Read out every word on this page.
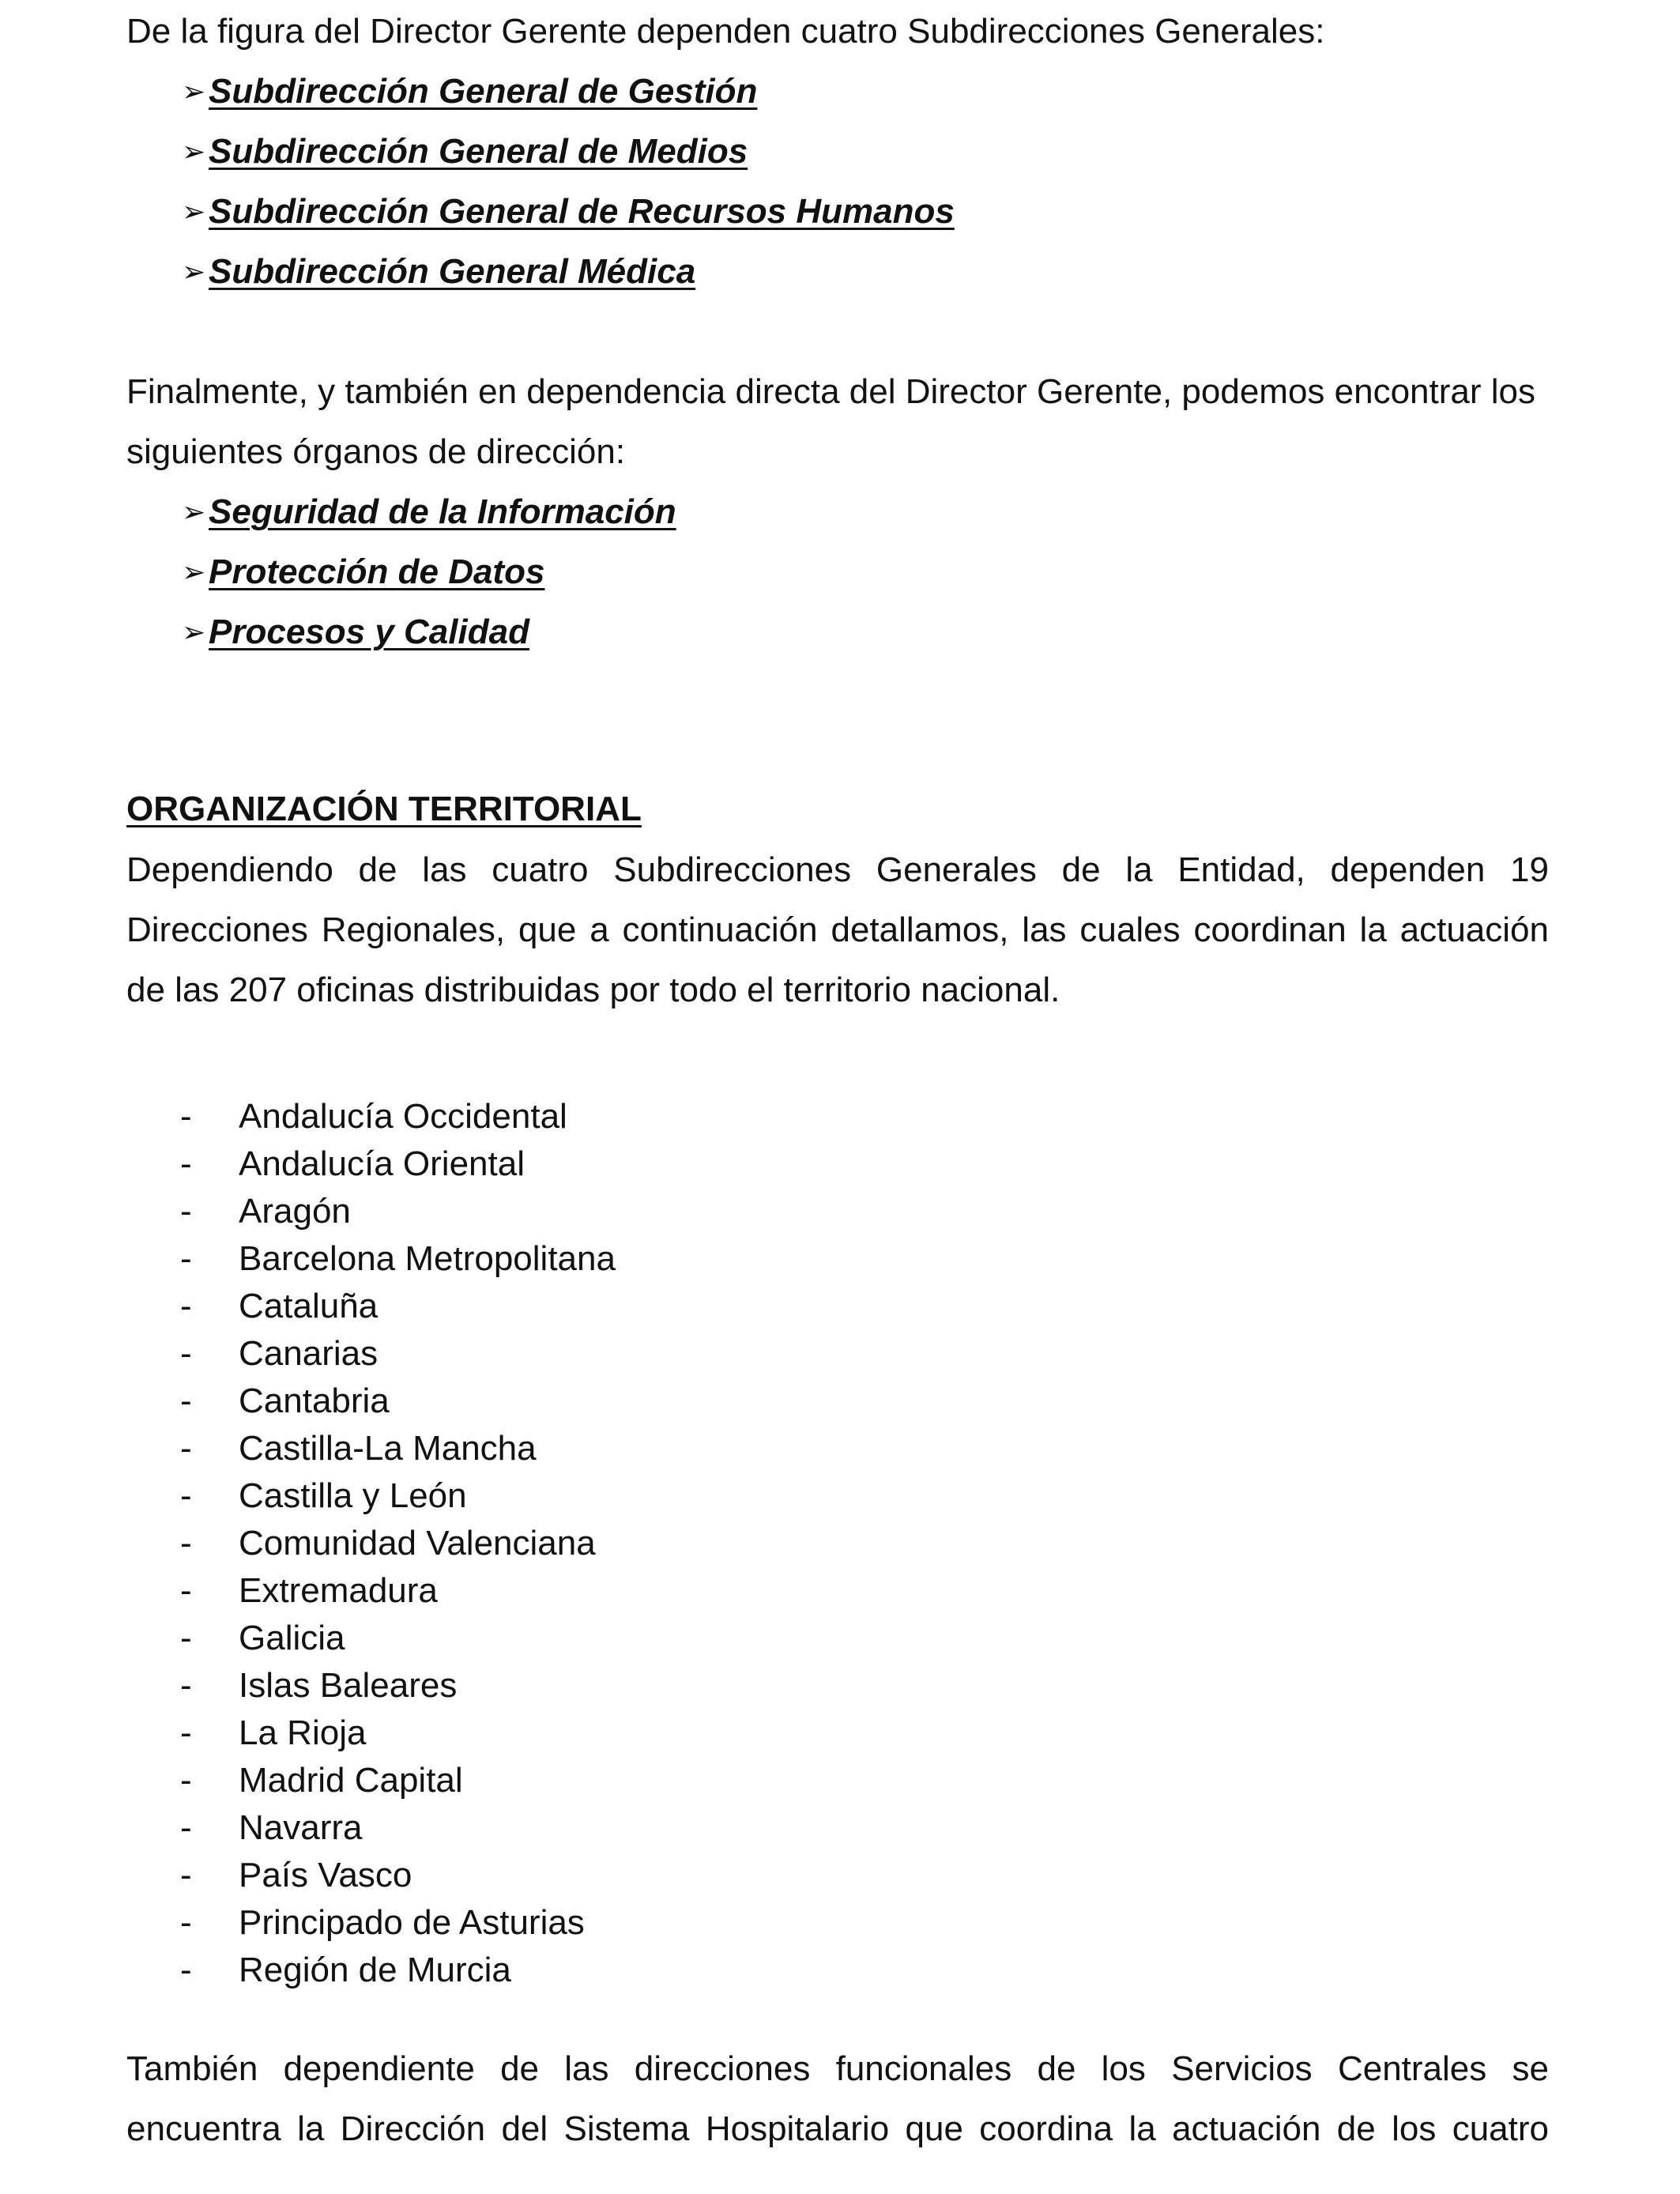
De la figura del Director Gerente dependen cuatro Subdirecciones Generales:
➢ Subdirección General de Gestión
➢ Subdirección General de Medios
➢ Subdirección General de Recursos Humanos
➢ Subdirección General Médica
Finalmente, y también en dependencia directa del Director Gerente, podemos encontrar los
siguientes órganos de dirección:
➢ Seguridad de la Información
➢ Protección de Datos
➢ Procesos y Calidad
ORGANIZACIÓN TERRITORIAL
Dependiendo de las cuatro Subdirecciones Generales de la Entidad, dependen 19
Direcciones Regionales, que a continuación detallamos, las cuales coordinan la actuación
de las 207 oficinas distribuidas por todo el territorio nacional.
- Andalucía Occidental
- Andalucía Oriental
- Aragón
- Barcelona Metropolitana
- Cataluña
- Canarias
- Cantabria
- Castilla-La Mancha
- Castilla y León
- Comunidad Valenciana
- Extremadura
- Galicia
- Islas Baleares
- La Rioja
- Madrid Capital
- Navarra
- País Vasco
- Principado de Asturias
- Región de Murcia
También dependiente de las direcciones funcionales de los Servicios Centrales se
encuentra la Dirección del Sistema Hospitalario que coordina la actuación de los cuatro
